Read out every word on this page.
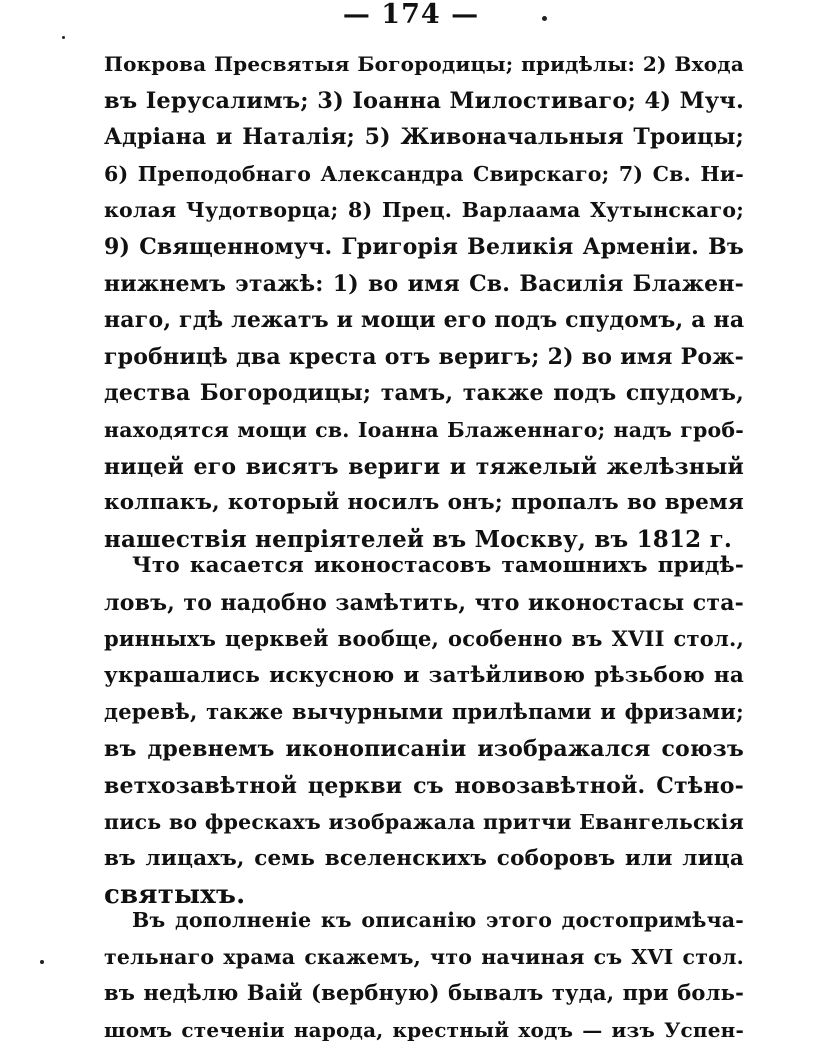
— 174 —
Покрова Пресвятыя Богородицы; придѣлы: 2) Входа
въ Іерусалимъ; 3) Іоанна Милостиваго; 4) Муч.
Адріана и Наталія; 5) Живоначальныя Троицы;
6) Преподобнаго Александра Свирскаго; 7) Св. Ни-
колая Чудотворца; 8) Прец. Варлаама Хутынскаго;
9) Священномуч. Григорія Великія Арменіи. Въ
нижнемъ этажѣ: 1) во имя Св. Василія Блажен-
наго, гдѣ лежатъ и мощи его подъ спудомъ, а на
гробницѣ два креста отъ веригъ; 2) во имя Рож-
дества Богородицы; тамъ, также подъ спудомъ,
находятся мощи св. Іоанна Блаженнаго; надъ гроб-
ницей его висятъ вериги и тяжелый желѣзный
колпакъ, который носилъ онъ; пропалъ во время
нашествія непріятелей въ Москву, въ 1812 г.
Что касается иконостасовъ тамошнихъ придѣ-
ловъ, то надобно замѣтить, что иконостасы ста-
ринныхъ церквей вообще, особенно въ XVII стол.,
украшались искусною и затѣйливою рѣзьбою на
деревѣ, также вычурными прилѣпами и фризами;
въ древнемъ иконописаніи изображался союзъ
ветхозавѣтной церкви съ новозавѣтной. Стѣно-
пись во фрескахъ изображала притчи Евангельскія
въ лицахъ, семь вселенскихъ соборовъ или лица
святыхъ.
Въ дополненіе къ описанію этого достопримѣча-
тельнаго храма скажемъ, что начиная съ XVI стол.
въ недѣлю Ваій (вербную) бывалъ туда, при боль-
шомъ стеченіи народа, крестный ходъ — изъ Успен-
